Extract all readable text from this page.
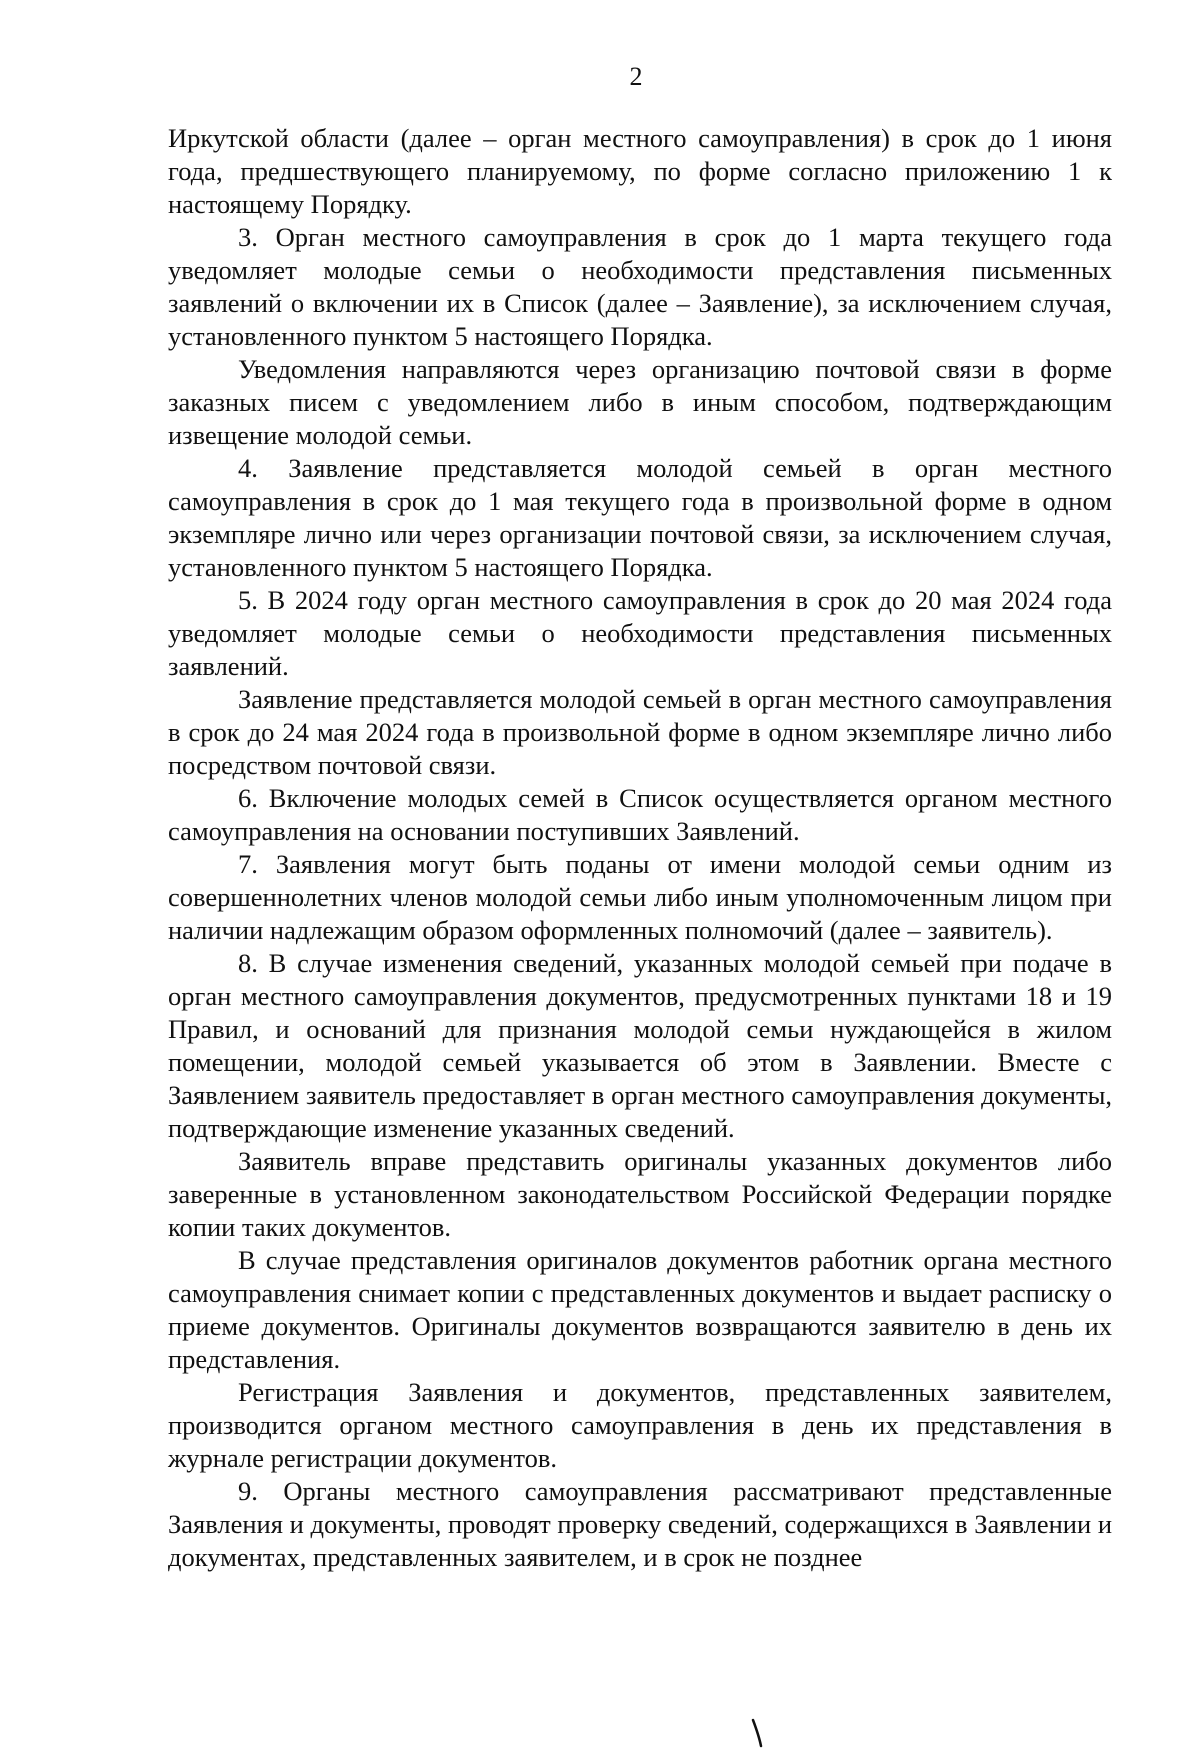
2

Иркутской области (далее – орган местного самоуправления) в срок до 1 июня года, предшествующего планируемому, по форме согласно приложению 1 к настоящему Порядку.

3. Орган местного самоуправления в срок до 1 марта текущего года уведомляет молодые семьи о необходимости представления письменных заявлений о включении их в Список (далее – Заявление), за исключением случая, установленного пунктом 5 настоящего Порядка.

Уведомления направляются через организацию почтовой связи в форме заказных писем с уведомлением либо в иным способом, подтверждающим извещение молодой семьи.

4. Заявление представляется молодой семьей в орган местного самоуправления в срок до 1 мая текущего года в произвольной форме в одном экземпляре лично или через организации почтовой связи, за исключением случая, установленного пунктом 5 настоящего Порядка.

5. В 2024 году орган местного самоуправления в срок до 20 мая 2024 года уведомляет молодые семьи о необходимости представления письменных заявлений.

Заявление представляется молодой семьей в орган местного самоуправления в срок до 24 мая 2024 года в произвольной форме в одном экземпляре лично либо посредством почтовой связи.

6. Включение молодых семей в Список осуществляется органом местного самоуправления на основании поступивших Заявлений.

7. Заявления могут быть поданы от имени молодой семьи одним из совершеннолетних членов молодой семьи либо иным уполномоченным лицом при наличии надлежащим образом оформленных полномочий (далее – заявитель).

8. В случае изменения сведений, указанных молодой семьей при подаче в орган местного самоуправления документов, предусмотренных пунктами 18 и 19 Правил, и оснований для признания молодой семьи нуждающейся в жилом помещении, молодой семьей указывается об этом в Заявлении. Вместе с Заявлением заявитель предоставляет в орган местного самоуправления документы, подтверждающие изменение указанных сведений.

Заявитель вправе представить оригиналы указанных документов либо заверенные в установленном законодательством Российской Федерации порядке копии таких документов.

В случае представления оригиналов документов работник органа местного самоуправления снимает копии с представленных документов и выдает расписку о приеме документов. Оригиналы документов возвращаются заявителю в день их представления.

Регистрация Заявления и документов, представленных заявителем, производится органом местного самоуправления в день их представления в журнале регистрации документов.

9. Органы местного самоуправления рассматривают представленные Заявления и документы, проводят проверку сведений, содержащихся в Заявлении и документах, представленных заявителем, и в срок не позднее
